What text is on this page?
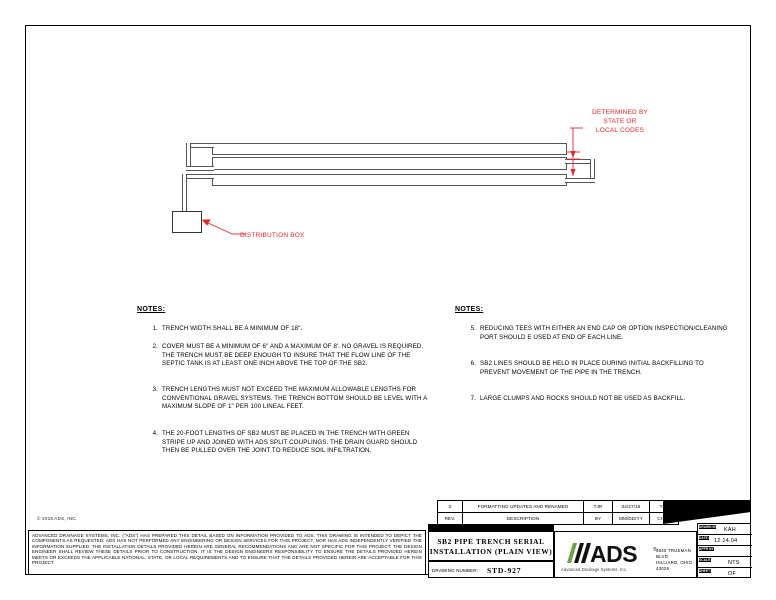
DETERMINED BY
STATE OR
LOCAL CODES
DISTRIBUTION BOX
NOTES:
1. TRENCH WIDTH SHALL BE A MINIMUM OF 18".
2. COVER MUST BE A MINIMUM OF 6" AND A MAXIMUM OF 8'. NO GRAVEL IS REQUIRED. THE TRENCH MUST BE DEEP ENOUGH TO INSURE THAT THE FLOW LINE OF THE SEPTIC TANK IS AT LEAST ONE INCH ABOVE THE TOP OF THE SB2.
3. TRENCH LENGTHS MUST NOT EXCEED THE MAXIMUM ALLOWABLE LENGTHS FOR CONVENTIONAL GRAVEL SYSTEMS. THE TRENCH BOTTOM SHOULD BE LEVEL WITH A MAXIMUM SLOPE OF 1" PER 100 LINEAL FEET.
4. THE 20-FOOT LENGTHS OF SB2 MUST BE PLACED IN THE TRENCH WITH GREEN STRIPE UP AND JOINED WITH ADS SPLIT COUPLINGS. THE DRAIN GUARD SHOULD THEN BE PULLED OVER THE JOINT TO REDUCE SOIL INFILTRATION.
NOTES:
5. REDUCING TEES WITH EITHER AN END CAP OR OPTION INSPECTION/CLEANING PORT SHOULD E USED AT END OF EACH LINE.
6. SB2 LINES SHOULD BE HELD IN PLACE DURING INITIAL BACKFILLING TO PREVENT MOVEMENT OF THE PIPE IN THE TRENCH.
7. LARGE CLUMPS AND ROCKS SHOULD NOT BE USED AS BACKFILL.
© 2016 ADS, INC.
ADVANCED DRAINAGE SYSTEMS, INC. ("ADS") HAS PREPARED THIS DETAIL BASED ON INFORMATION PROVIDED TO ADS. THIS DRAWING IS INTENDED TO DEPICT THE COMPONENTS AS REQUESTED. ADS HAS NOT PERFORMED ANY ENGINEERING OR DESIGN SERVICES FOR THIS PROJECT, NOR HAS ADS INDEPENDENTLY VERIFIED THE INFORMATION SUPPLIED. THE INSTALLATION DETAILS PROVIDED HEREIN ARE GENERAL RECOMMENDATIONS AND ARE NOT SPECIFIC FOR THIS PROJECT. THE DESIGN ENGINEER SHALL REVIEW THESE DETAILS PRIOR TO CONSTRUCTION. IT IS THE DESIGN ENGINEERS RESPONSIBILITY TO ENSURE THE DETAILS PROVIDED HEREIN MEETS OR EXCEEDS THE APPLICABLE NATIONAL, STATE, OR LOCAL REQUIREMENTS AND TO ENSURE THAT THE DETAILS PROVIDED HEREIN ARE ACCEPTABLE FOR THIS PROJECT.
2	FORMATTING UPDATES AND RENAMED	TJR	04/27/16	TJR
REV.	DESCRIPTION	BY	MM/DD/YY	CHKD
SB2 PIPE TRENCH SERIAL
INSTALLATION (PLAIN VIEW)
DRAWING NUMBER: STD-927
ADS	®
Advanced Drainage Systems, Inc.
4640 TRUEMAN BLVD
HILLIARD, OHIO 43026
DRAWN BY: KAH
DATE: 12.14.04
APPR BY:
SCALE:	NTS
SHEET:	OF
